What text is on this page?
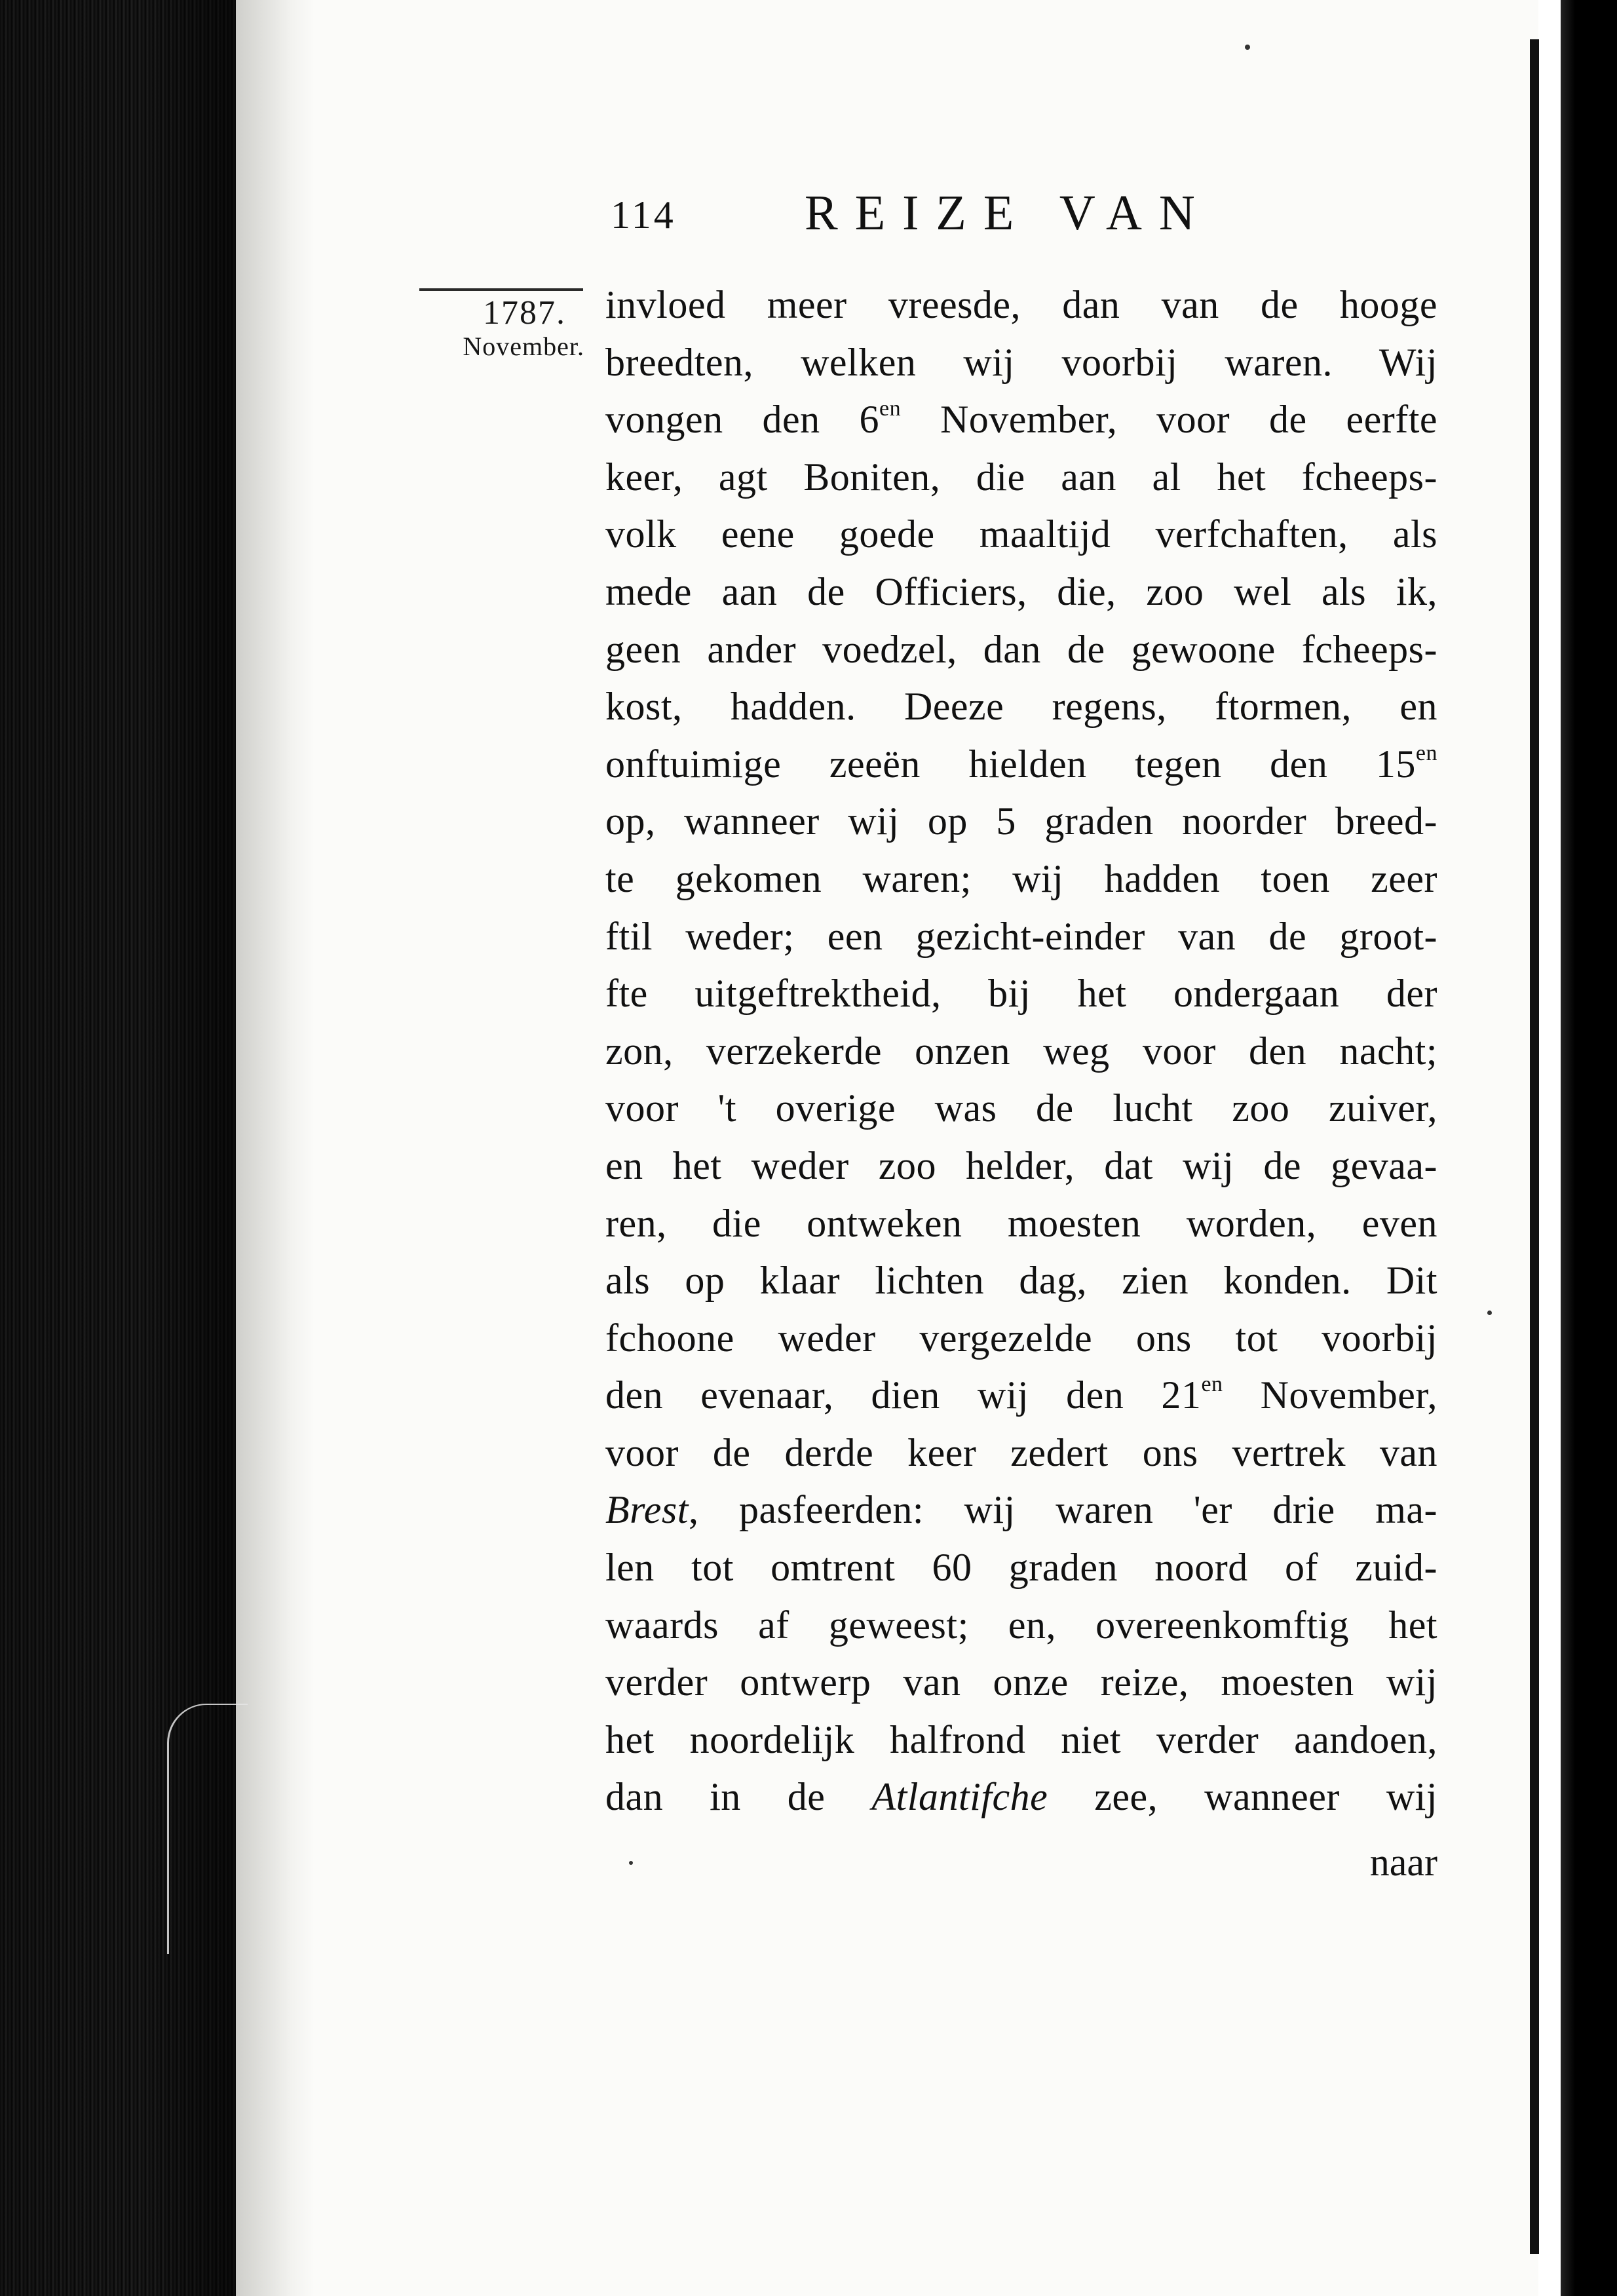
114	REIZE VAN
1787.
November.
invloed meer vreesde, dan van de hooge
breedten, welken wij voorbij waren. Wij
vongen den $6^{en}$ November, voor de eerfte
keer, agt Boniten, die aan al het fcheeps-
volk eene goede maaltijd verfchaften, als
mede aan de Officiers, die, zoo wel als ik,
geen ander voedzel, dan de gewoone fcheeps-
kost, hadden. Deeze regens, ftormen, en
onftuimige zeeën hielden tegen den $15^{en}$
op, wanneer wij op 5 graden noorder breed-
te gekomen waren; wij hadden toen zeer
ftil weder; een gezicht-einder van de groot-
fte uitgeftrektheid, bij het ondergaan der
zon, verzekerde onzen weg voor den nacht;
voor 't overige was de lucht zoo zuiver,
en het weder zoo helder, dat wij de gevaa-
ren, die ontweken moesten worden, even
als op klaar lichten dag, zien konden. Dit
fchoone weder vergezelde ons tot voorbij
den evenaar, dien wij den $21^{en}$ November,
voor de derde keer zedert ons vertrek van
Brest, pasfeerden: wij waren 'er drie ma-
len tot omtrent 60 graden noord of zuid-
waards af geweest; en, overeenkomftig het
verder ontwerp van onze reize, moesten wij
het noordelijk halfrond niet verder aandoen,
dan in de Atlantifche zee, wanneer wij
naar
